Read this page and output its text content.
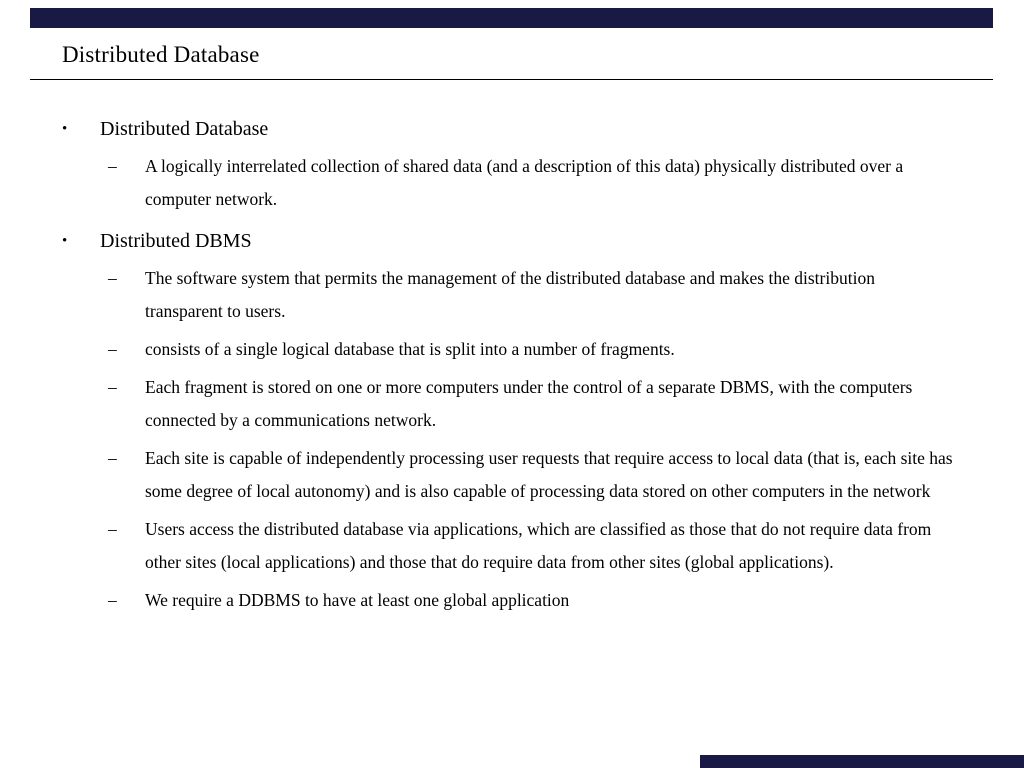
Distributed Database
•	Distributed Database
–	A logically interrelated collection of shared data (and a description of this data) physically distributed over a computer network.
•	Distributed DBMS
–	The software system that permits the management of the distributed database and makes the distribution transparent to users.
–	consists of a single logical database that is split into a number of fragments.
–	Each fragment is stored on one or more computers under the control of a separate DBMS, with the computers connected by a communications network.
–	Each site is capable of independently processing user requests that require access to local data (that is, each site has some degree of local autonomy) and is also capable of processing data stored on other computers in the network
–	Users access the distributed database via applications, which are classified as those that do not require data from other sites (local applications) and those that do require data from other sites (global applications).
–	We require a DDBMS to have at least one global application
